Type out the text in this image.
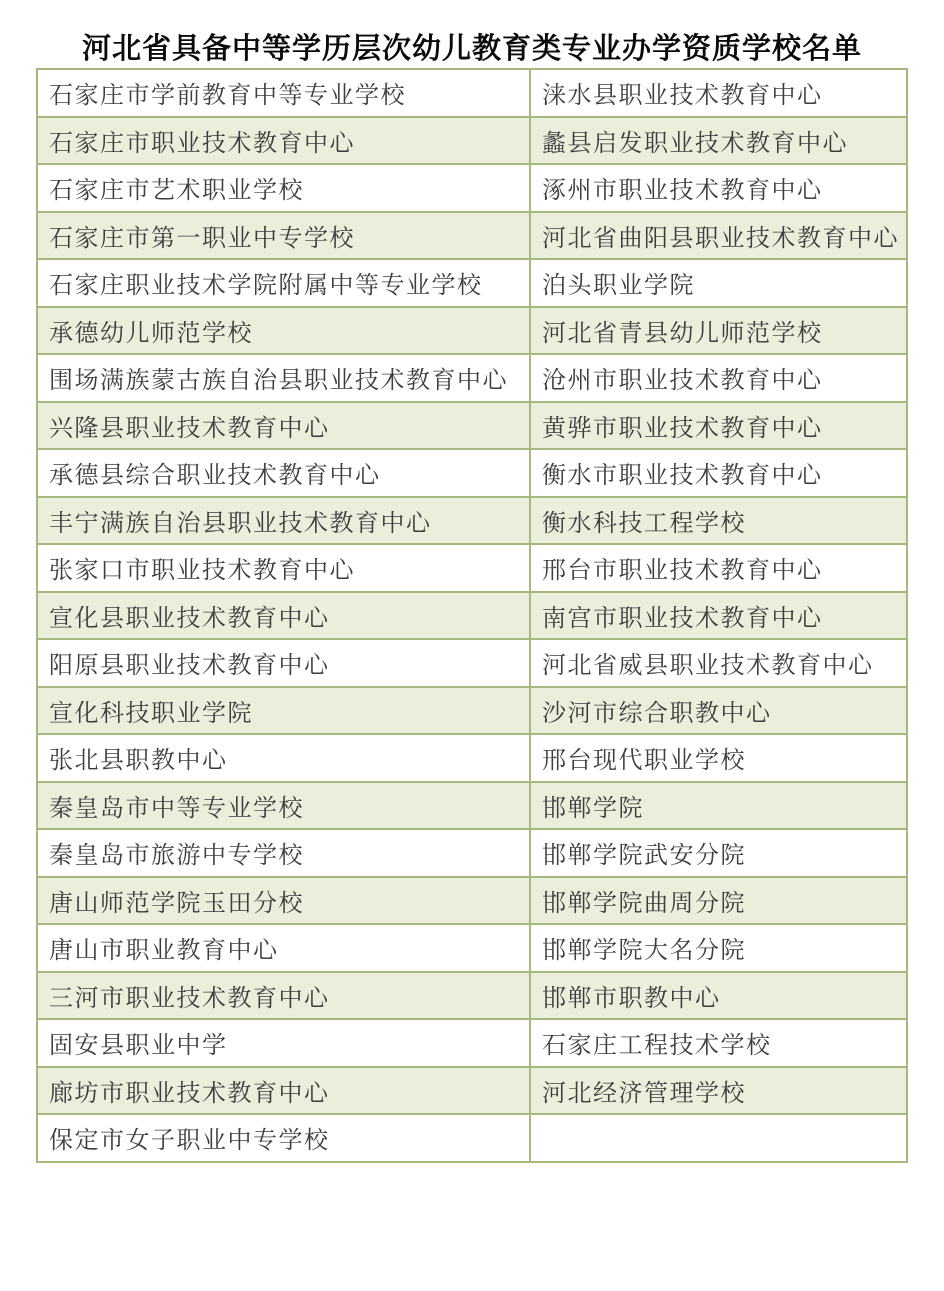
河北省具备中等学历层次幼儿教育类专业办学资质学校名单
石家庄市学前教育中等专业学校	涞水县职业技术教育中心
石家庄市职业技术教育中心	蠡县启发职业技术教育中心
石家庄市艺术职业学校	涿州市职业技术教育中心
石家庄市第一职业中专学校	河北省曲阳县职业技术教育中心
石家庄职业技术学院附属中等专业学校	泊头职业学院
承德幼儿师范学校	河北省青县幼儿师范学校
围场满族蒙古族自治县职业技术教育中心	沧州市职业技术教育中心
兴隆县职业技术教育中心	黄骅市职业技术教育中心
承德县综合职业技术教育中心	衡水市职业技术教育中心
丰宁满族自治县职业技术教育中心	衡水科技工程学校
张家口市职业技术教育中心	邢台市职业技术教育中心
宣化县职业技术教育中心	南宫市职业技术教育中心
阳原县职业技术教育中心	河北省威县职业技术教育中心
宣化科技职业学院	沙河市综合职教中心
张北县职教中心	邢台现代职业学校
秦皇岛市中等专业学校	邯郸学院
秦皇岛市旅游中专学校	邯郸学院武安分院
唐山师范学院玉田分校	邯郸学院曲周分院
唐山市职业教育中心	邯郸学院大名分院
三河市职业技术教育中心	邯郸市职教中心
固安县职业中学	石家庄工程技术学校
廊坊市职业技术教育中心	河北经济管理学校
保定市女子职业中专学校	
